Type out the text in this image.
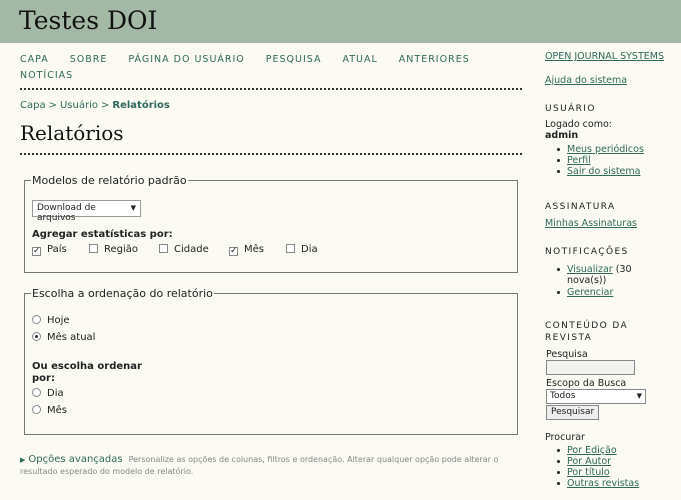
Testes DOI
CAPA SOBRE PÁGINA DO USUÁRIO PESQUISA ATUAL ANTERIORESNOTÍCIAS
Capa > Usuário > Relatórios
Relatórios
Modelos de relatório padrão
Download de arquivos
▼
Agregar estatísticas por:
✓ País	Região	Cidade ✓ Mês	Dia
Escolha a ordenação do relatório
Hoje
Mês atual
Ou escolha ordenar por:
Dia
Mês
▶ Opções avançadas Personalize as opções de colunas, filtros e ordenação. Alterar qualquer opção pode alterar o resultado esperado do modelo de relatório.
OPEN JOURNAL SYSTEMS
Ajuda do sistema
USUÁRIO
Logado como:
admin
Meus periódicos
Perfil
Sair do sistema
ASSINATURA
Minhas Assinaturas
NOTIFICAÇÕES
Visualizar (30 nova(s))
Gerenciar
CONTEÚDO DA REVISTA
Pesquisa
Escopo da Busca
Todos	▼
Pesquisar
Procurar
Por Edição
Por Autor
Por título
Outras revistas
